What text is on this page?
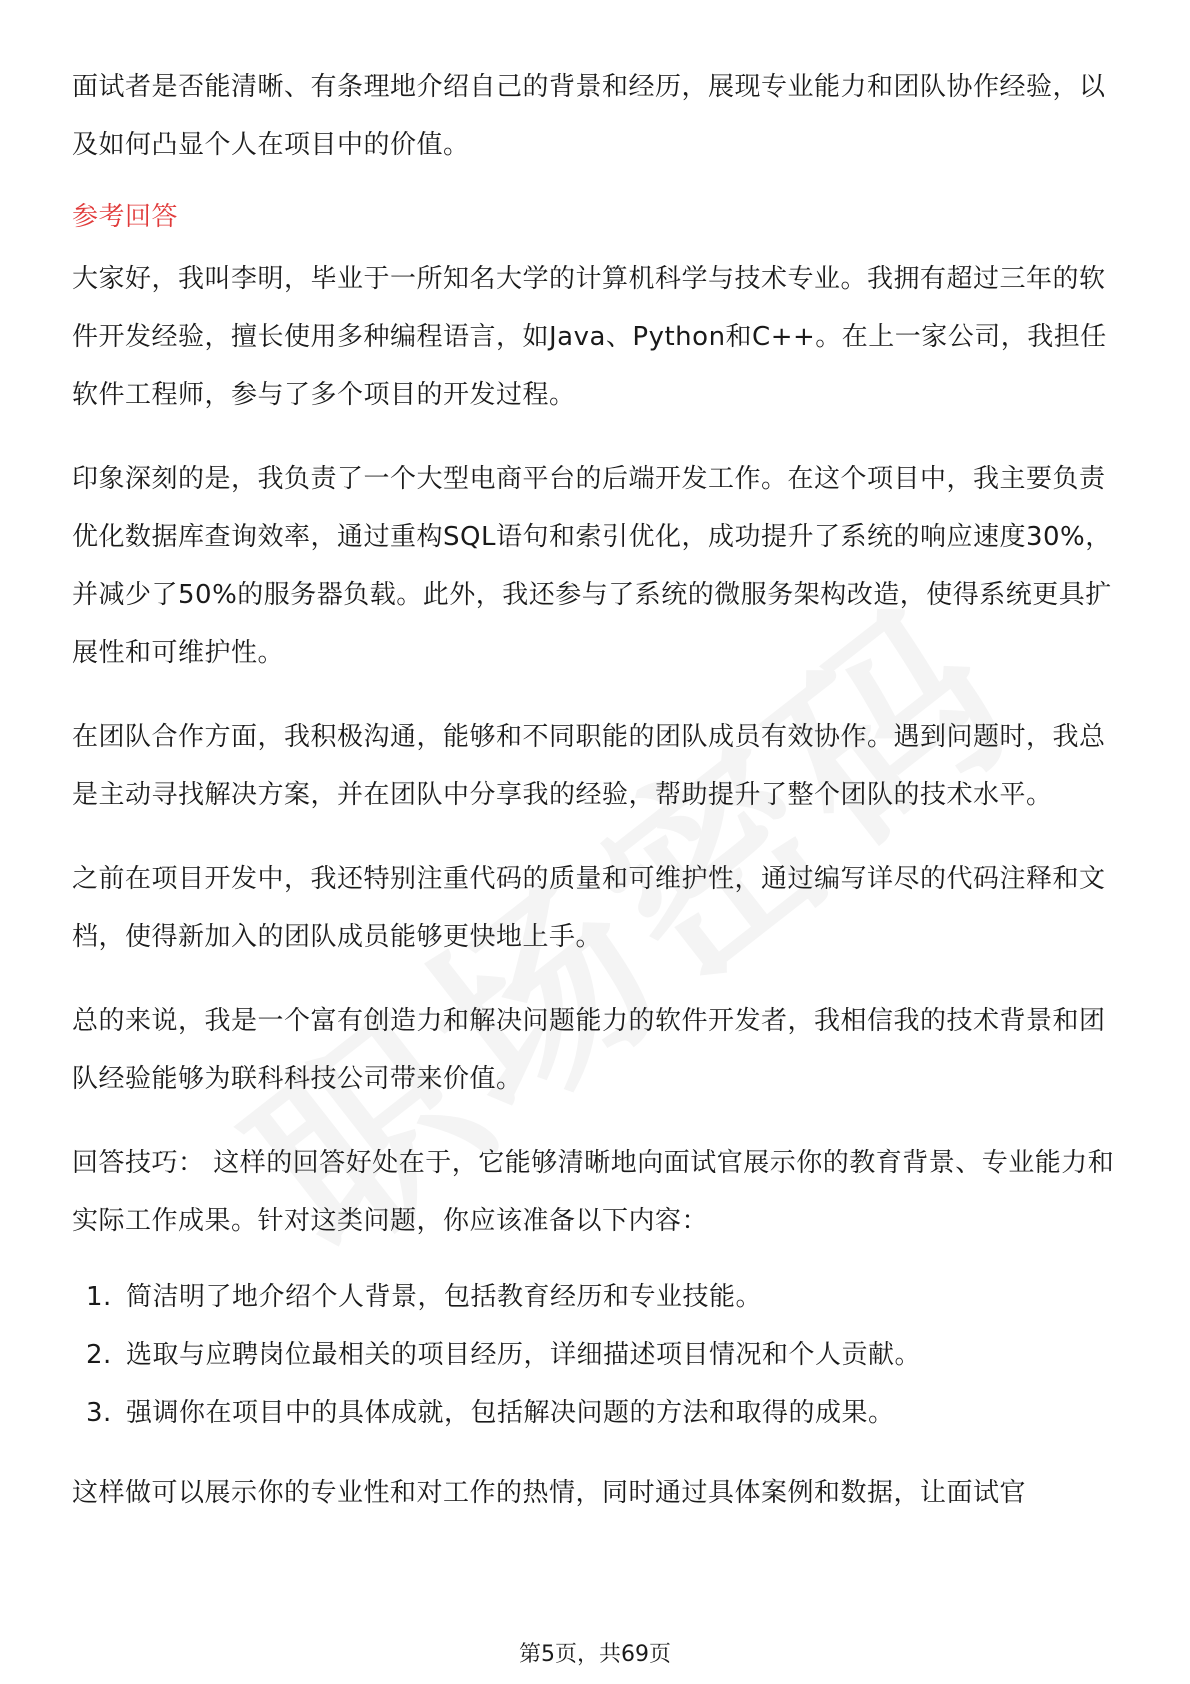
面试者是否能清晰、有条理地介绍自己的背景和经历，展现专业能力和团队协作经验，以及如何凸显个人在项目中的价值。

参考回答

大家好，我叫李明，毕业于一所知名大学的计算机科学与技术专业。我拥有超过三年的软件开发经验，擅长使用多种编程语言，如Java、Python和C++。在上一家公司，我担任软件工程师，参与了多个项目的开发过程。

印象深刻的是，我负责了一个大型电商平台的后端开发工作。在这个项目中，我主要负责优化数据库查询效率，通过重构SQL语句和索引优化，成功提升了系统的响应速度30%，并减少了50%的服务器负载。此外，我还参与了系统的微服务架构改造，使得系统更具扩展性和可维护性。

在团队合作方面，我积极沟通，能够和不同职能的团队成员有效协作。遇到问题时，我总是主动寻找解决方案，并在团队中分享我的经验，帮助提升了整个团队的技术水平。

之前在项目开发中，我还特别注重代码的质量和可维护性，通过编写详尽的代码注释和文档，使得新加入的团队成员能够更快地上手。

总的来说，我是一个富有创造力和解决问题能力的软件开发者，我相信我的技术背景和团队经验能够为联科科技公司带来价值。

回答技巧： 这样的回答好处在于，它能够清晰地向面试官展示你的教育背景、专业能力和实际工作成果。针对这类问题，你应该准备以下内容：

1. 简洁明了地介绍个人背景，包括教育经历和专业技能。
2. 选取与应聘岗位最相关的项目经历，详细描述项目情况和个人贡献。
3. 强调你在项目中的具体成就，包括解决问题的方法和取得的成果。

这样做可以展示你的专业性和对工作的热情，同时通过具体案例和数据，让面试官

第5页，共69页
